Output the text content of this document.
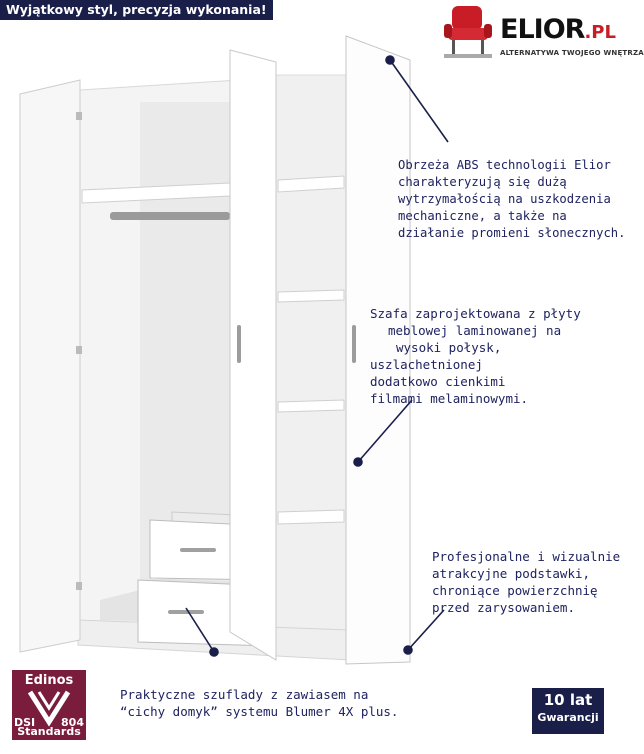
Wyjątkowy styl, precyzja wykonania!
ELIOR.PL
ALTERNATYWA TWOJEGO WNĘTRZA
Obrzeża ABS technologii Elior
charakteryzują się dużą
wytrzymałością na uszkodzenia
mechaniczne, a także na
działanie promieni słonecznych.
Szafa zaprojektowana z płyty
meblowej laminowanej na
wysoki połysk,
uszlachetnionej
dodatkowo cienkimi
filmami melaminowymi.
Profesjonalne i wizualnie
atrakcyjne podstawki,
chroniące powierzchnię
przed zarysowaniem.
Praktyczne szuflady z zawiasem na
“cichy domyk” systemu Blumer 4X plus.
Edinos
DSI 804
Standards
10 lat
Gwarancji
